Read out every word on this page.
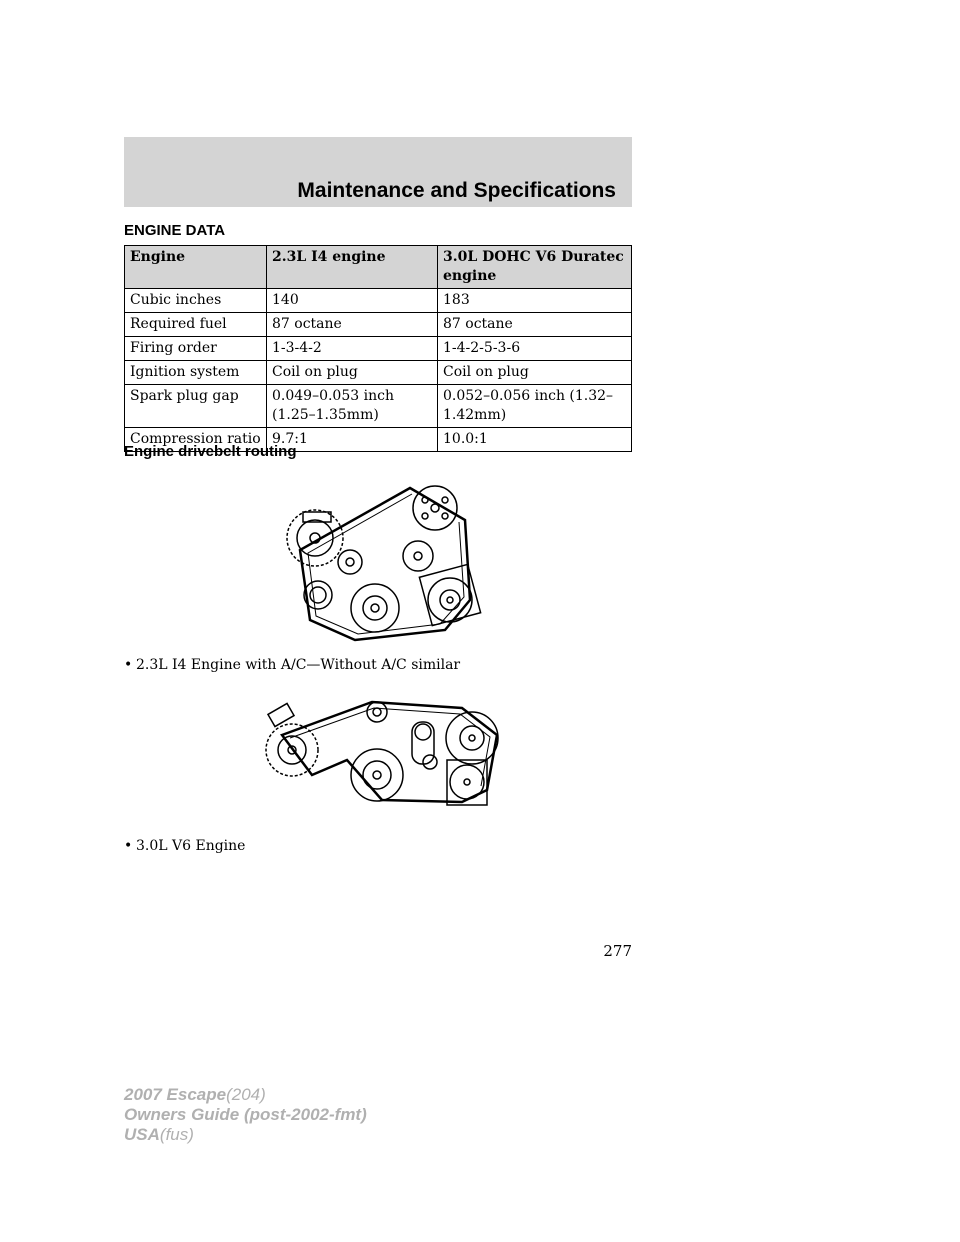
Maintenance and Specifications
ENGINE DATA
Engine	2.3L I4 engine	3.0L DOHC V6 Duratec engine
Cubic inches	140	183
Required fuel	87 octane	87 octane
Firing order	1-3-4-2	1-4-2-5-3-6
Ignition system	Coil on plug	Coil on plug
Spark plug gap	0.049–0.053 inch (1.25–1.35mm)	0.052–0.056 inch (1.32–1.42mm)
Compression ratio	9.7:1	10.0:1
Engine drivebelt routing
• 2.3L I4 Engine with A/C—Without A/C similar
• 3.0L V6 Engine
277
2007 Escape(204)
Owners Guide (post-2002-fmt)
USA(fus)
